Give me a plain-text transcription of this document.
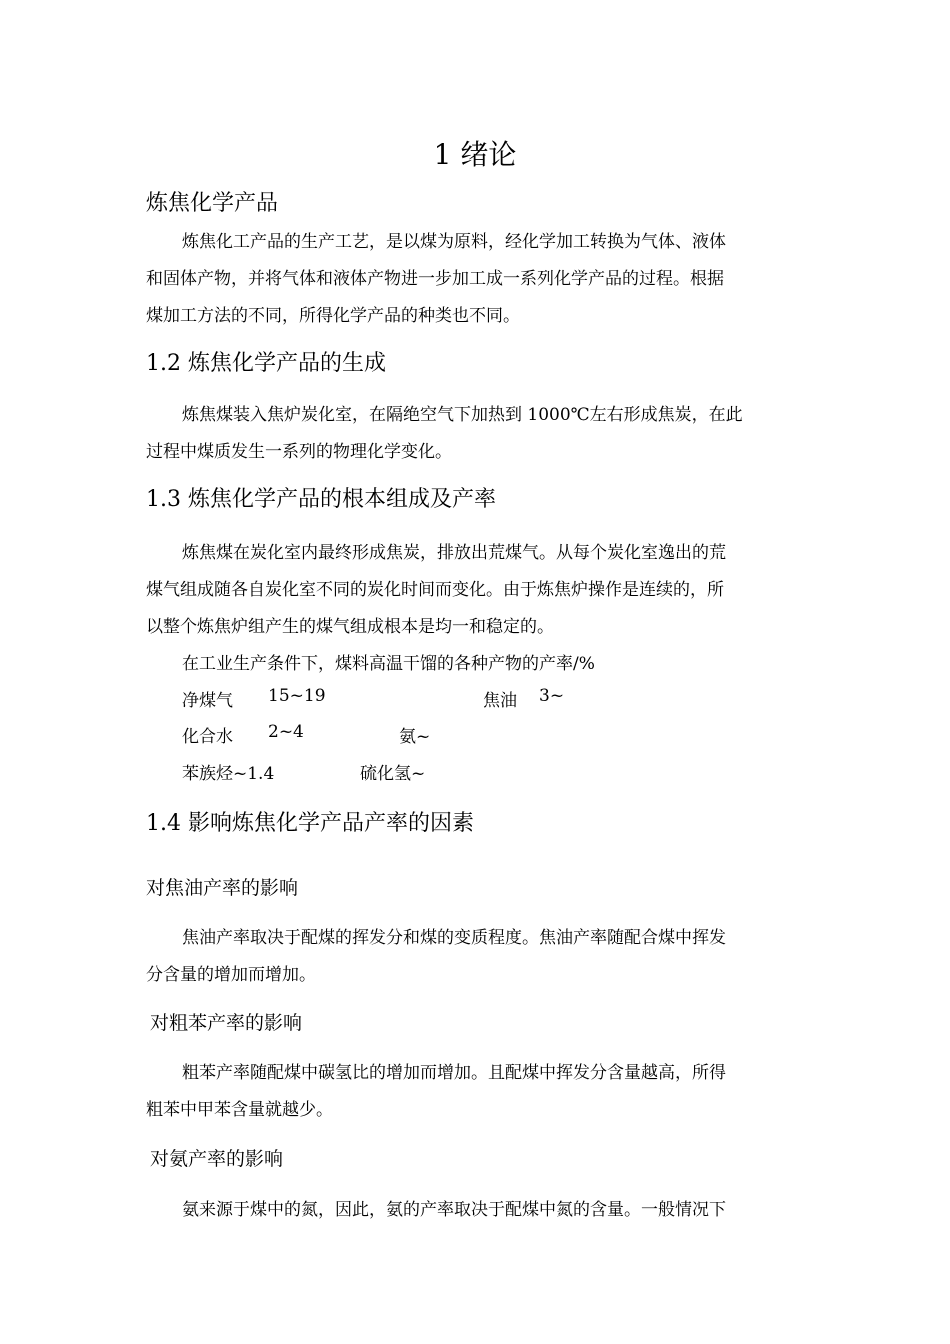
1 绪论
炼焦化学产品
炼焦化工产品的生产工艺，是以煤为原料，经化学加工转换为气体、液体
和固体产物，并将气体和液体产物进一步加工成一系列化学产品的过程。根据
煤加工方法的不同，所得化学产品的种类也不同。
1.2 炼焦化学产品的生成
炼焦煤装入焦炉炭化室，在隔绝空气下加热到 1000℃左右形成焦炭，在此
过程中煤质发生一系列的物理化学变化。
1.3 炼焦化学产品的根本组成及产率
炼焦煤在炭化室内最终形成焦炭，排放出荒煤气。从每个炭化室逸出的荒
煤气组成随各自炭化室不同的炭化时间而变化。由于炼焦炉操作是连续的，所
以整个炼焦炉组产生的煤气组成根本是均一和稳定的。
在工业生产条件下，煤料高温干馏的各种产物的产率/%
净煤气 15~19	焦油 3~
化合水 2~4	氨~
苯族烃~1.4	硫化氢~
1.4 影响炼焦化学产品产率的因素
对焦油产率的影响
焦油产率取决于配煤的挥发分和煤的变质程度。焦油产率随配合煤中挥发
分含量的增加而增加。
对粗苯产率的影响
粗苯产率随配煤中碳氢比的增加而增加。且配煤中挥发分含量越高，所得
粗苯中甲苯含量就越少。
对氨产率的影响
氨来源于煤中的氮，因此，氨的产率取决于配煤中氮的含量。一般情况下
